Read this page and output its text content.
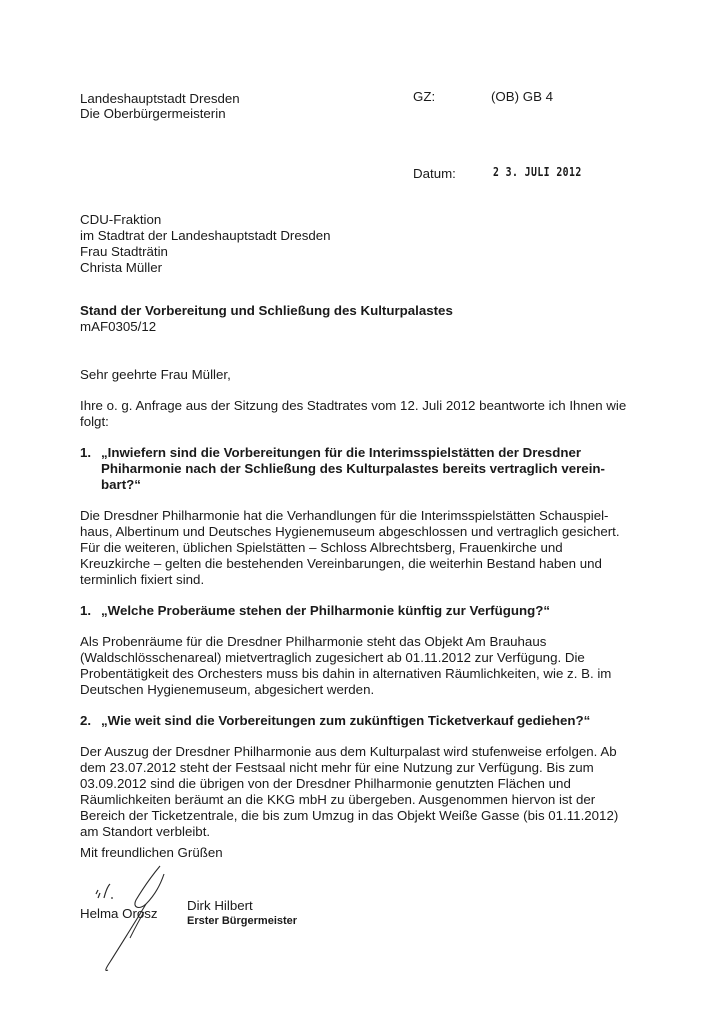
Landeshauptstadt Dresden
Die Oberbürgermeisterin
GZ:	(OB) GB 4
Datum:	2 3. JULI 2012
CDU-Fraktion
im Stadtrat der Landeshauptstadt Dresden
Frau Stadträtin
Christa Müller
Stand der Vorbereitung und Schließung des Kulturpalastes
mAF0305/12
Sehr geehrte Frau Müller,
Ihre o. g. Anfrage aus der Sitzung des Stadtrates vom 12. Juli 2012 beantworte ich Ihnen wie
folgt:
1. „Inwiefern sind die Vorbereitungen für die Interimsspielstätten der Dresdner
Phiharmonie nach der Schließung des Kulturpalastes bereits vertraglich verein-
bart?“
Die Dresdner Philharmonie hat die Verhandlungen für die Interimsspielstätten Schauspiel-
haus, Albertinum und Deutsches Hygienemuseum abgeschlossen und vertraglich gesichert.
Für die weiteren, üblichen Spielstätten – Schloss Albrechtsberg, Frauenkirche und
Kreuzkirche – gelten die bestehenden Vereinbarungen, die weiterhin Bestand haben und
terminlich fixiert sind.
1. „Welche Proberäume stehen der Philharmonie künftig zur Verfügung?“
Als Probenräume für die Dresdner Philharmonie steht das Objekt Am Brauhaus
(Waldschlösschenareal) mietvertraglich zugesichert ab 01.11.2012 zur Verfügung. Die
Probentätigkeit des Orchesters muss bis dahin in alternativen Räumlichkeiten, wie z. B. im
Deutschen Hygienemuseum, abgesichert werden.
2. „Wie weit sind die Vorbereitungen zum zukünftigen Ticketverkauf gediehen?“
Der Auszug der Dresdner Philharmonie aus dem Kulturpalast wird stufenweise erfolgen. Ab
dem 23.07.2012 steht der Festsaal nicht mehr für eine Nutzung zur Verfügung. Bis zum
03.09.2012 sind die übrigen von der Dresdner Philharmonie genutzten Flächen und
Räumlichkeiten beräumt an die KKG mbH zu übergeben. Ausgenommen hiervon ist der
Bereich der Ticketzentrale, die bis zum Umzug in das Objekt Weiße Gasse (bis 01.11.2012)
am Standort verbleibt.
Mit freundlichen Grüßen
Helma Orosz
Dirk Hilbert
Erster Bürgermeister
